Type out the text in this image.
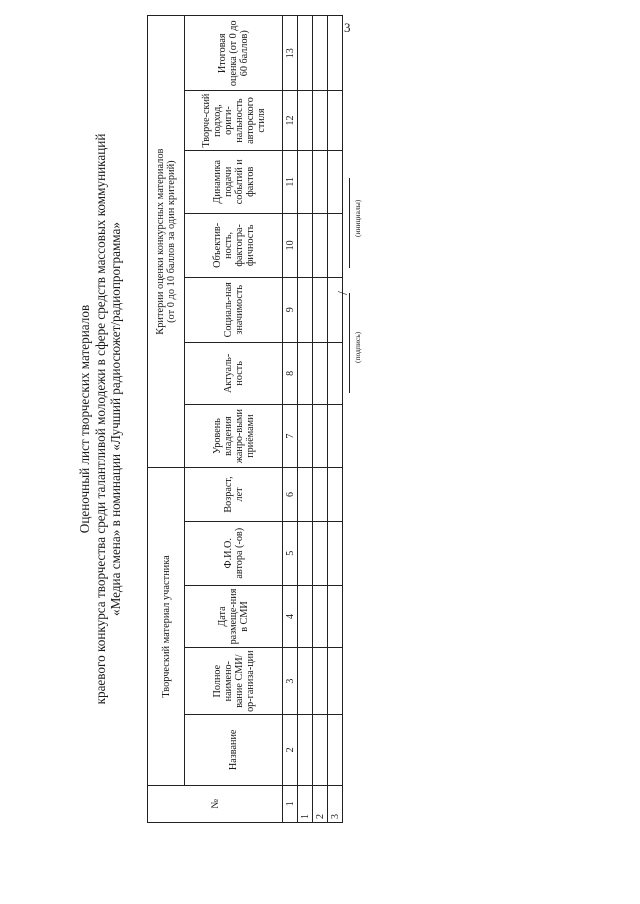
3
Оценочный лист творческих материалов краевого конкурса творчества среди талантливой молодежи в сфере средств массовых коммуникаций «Медиа смена» в номинации «Лучший радиосюжет/радиопрограмма»
№	Творческий материал участника					Критерии оценки конкурсных материалов (от 0 до 10 баллов за один критерий)						

	Название	Полное наимено-вание СМИ/ор-ганиза-ции	Дата размеще-ния в СМИ	Ф.И.О. автора (-ов)	Возраст, лет	Уровень владения жанро-выми приёмами	Актуаль-ность	Социаль-ная значимость	Объектив-ность, фактогра-фичность	Динамика подачи событий и фактов	Творче-ский подход, ориги-нальность авторского стиля	Итоговая оценка (от 0 до 60 баллов)
1	2	3	4	5	6	7	8	9	10	11	12	13
1												
2												
3												
/
(подпись)
(инициалы)
